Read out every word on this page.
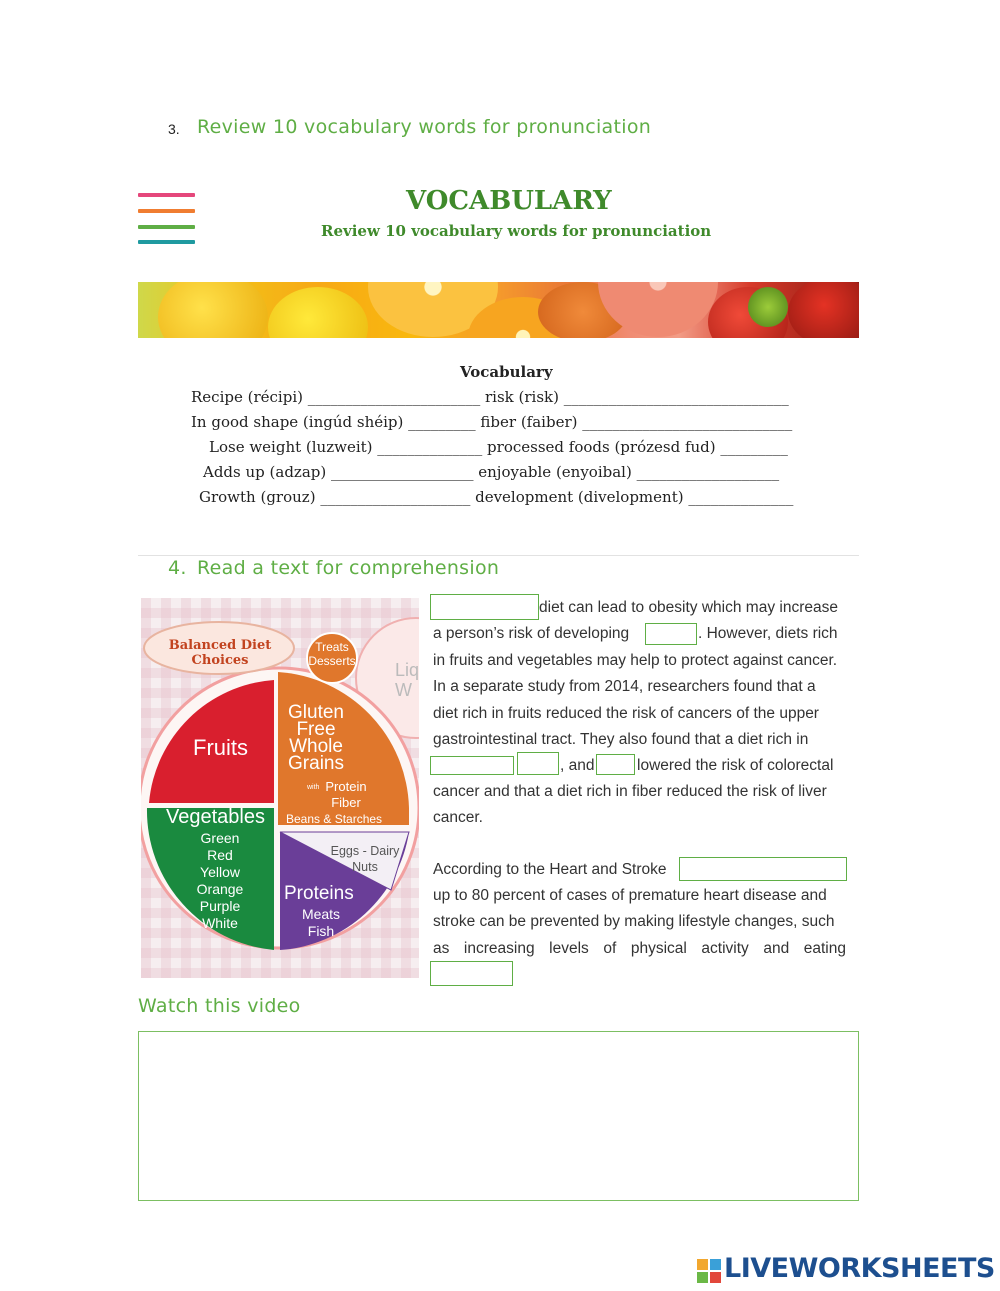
3. Review 10 vocabulary words for pronunciation
VOCABULARY
Review 10 vocabulary words for pronunciation
Vocabulary
Recipe (récipi) _______________________ risk (risk) ______________________________
In good shape (ingúd shéip) _________ fiber (faiber) ____________________________
Lose weight (luzweit) ______________ processed foods (prózesd fud) _________
Adds up (adzap) ___________________ enjoyable (enyoibal) ___________________
Growth (grouz) ____________________ development (divelopment) ______________
4. Read a text for comprehension
Balanced Diet Choices
Treats
Desserts Liq
W
Fruits
Gluten
Free
Whole
Grains
with Protein
Fiber
Beans & Starches
Vegetables
Green
Red
Yellow
Orange
Purple
White
Eggs - Dairy
Nuts
Proteins
Meats
Fish
diet can lead to obesity which may increase
a person’s risk of developing	. However, diets rich
in fruits and vegetables may help to protect against cancer.
In a separate study from 2014, researchers found that a
diet rich in fruits reduced the risk of cancers of the upper
gastrointestinal tract. They also found that a diet rich in
, and	lowered the risk of colorectal
cancer and that a diet rich in fiber reduced the risk of liver
cancer.
According to the Heart and Stroke
up to 80 percent of cases of premature heart disease and
stroke can be prevented by making lifestyle changes, such
as increasing levels of physical activity and eating
Watch this video
LIVEWORKSHEETS
